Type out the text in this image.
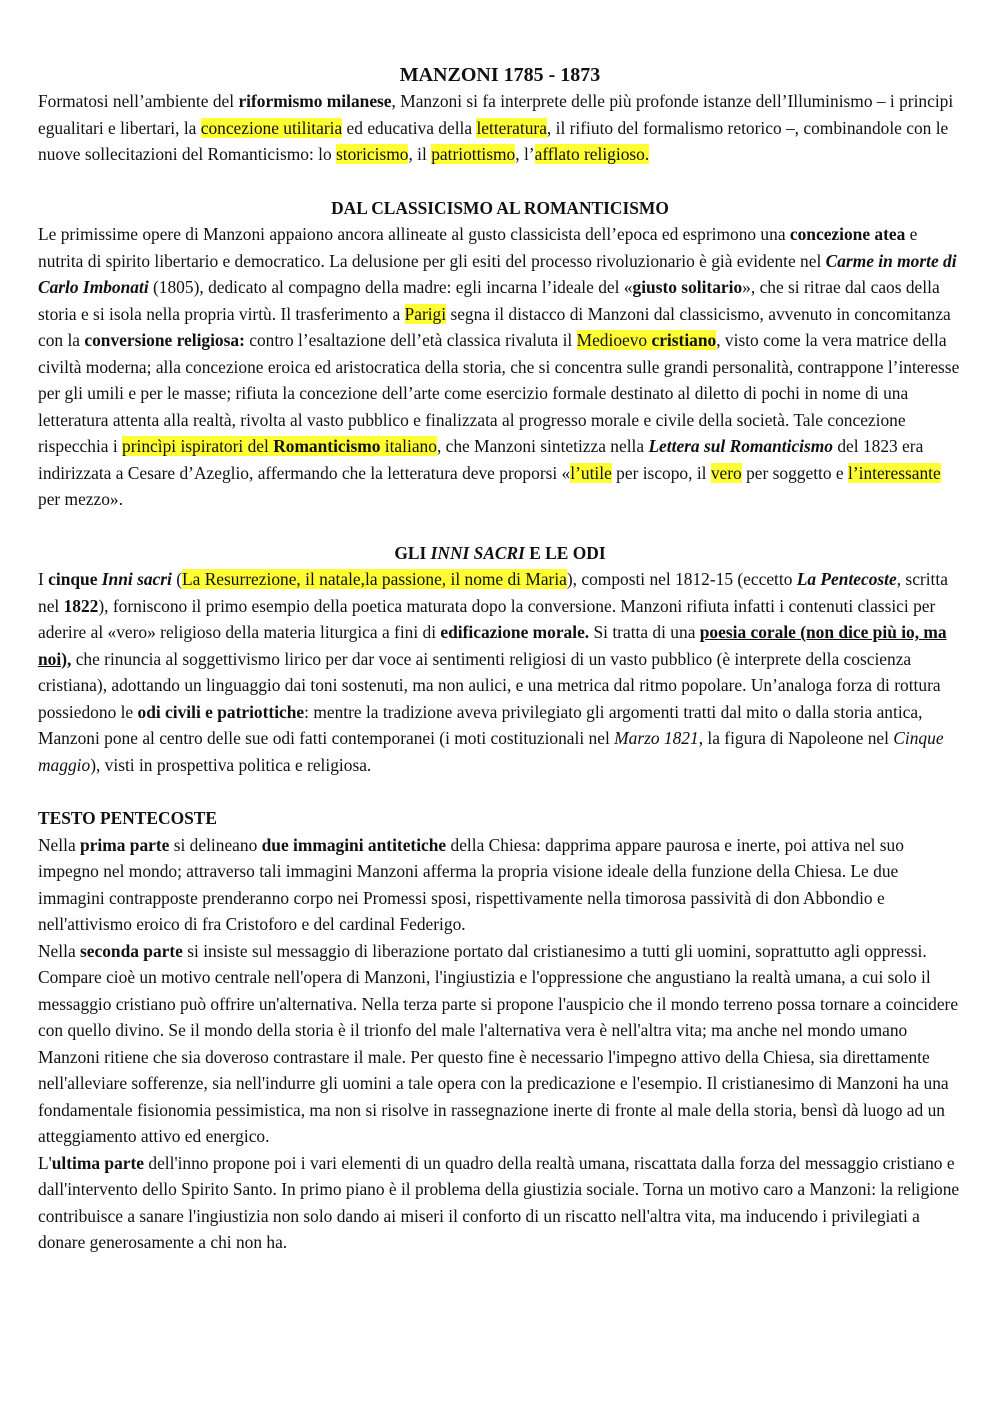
MANZONI 1785 - 1873

Formatosi nell’ambiente del riformismo milanese, Manzoni si fa interprete delle più profonde istanze dell’Illuminismo – i principi egualitari e libertari, la concezione utilitaria ed educativa della letteratura, il rifiuto del formalismo retorico –, combinandole con le nuove sollecitazioni del Romanticismo: lo storicismo, il patriottismo, l’afflato religioso.

DAL CLASSICISMO AL ROMANTICISMO

Le primissime opere di Manzoni appaiono ancora allineate al gusto classicista dell’epoca ed esprimono una concezione atea e nutrita di spirito libertario e democratico. La delusione per gli esiti del processo rivoluzionario è già evidente nel Carme in morte di Carlo Imbonati (1805), dedicato al compagno della madre: egli incarna l’ideale del «giusto solitario», che si ritrae dal caos della storia e si isola nella propria virtù. Il trasferimento a Parigi segna il distacco di Manzoni dal classicismo, avvenuto in concomitanza con la conversione religiosa: contro l’esaltazione dell’età classica rivaluta il Medioevo cristiano, visto come la vera matrice della civiltà moderna; alla concezione eroica ed aristocratica della storia, che si concentra sulle grandi personalità, contrappone l’interesse per gli umili e per le masse; rifiuta la concezione dell’arte come esercizio formale destinato al diletto di pochi in nome di una letteratura attenta alla realtà, rivolta al vasto pubblico e finalizzata al progresso morale e civile della società. Tale concezione rispecchia i princìpi ispiratori del Romanticismo italiano, che Manzoni sintetizza nella Lettera sul Romanticismo del 1823 era indirizzata a Cesare d’Azeglio, affermando che la letteratura deve proporsi «l’utile per iscopo, il vero per soggetto e l’interessante per mezzo».

GLI INNI SACRI E LE ODI

I cinque Inni sacri (La Resurrezione, il natale,la passione, il nome di Maria), composti nel 1812-15 (eccetto La Pentecoste, scritta nel 1822), forniscono il primo esempio della poetica maturata dopo la conversione. Manzoni rifiuta infatti i contenuti classici per aderire al «vero» religioso della materia liturgica a fini di edificazione morale. Si tratta di una poesia corale (non dice più io, ma noi), che rinuncia al soggettivismo lirico per dar voce ai sentimenti religiosi di un vasto pubblico (è interprete della coscienza cristiana), adottando un linguaggio dai toni sostenuti, ma non aulici, e una metrica dal ritmo popolare. Un’analoga forza di rottura possiedono le odi civili e patriottiche: mentre la tradizione aveva privilegiato gli argomenti tratti dal mito o dalla storia antica, Manzoni pone al centro delle sue odi fatti contemporanei (i moti costituzionali nel Marzo 1821, la figura di Napoleone nel Cinque maggio), visti in prospettiva politica e religiosa.

TESTO PENTECOSTE

Nella prima parte si delineano due immagini antitetiche della Chiesa: dapprima appare paurosa e inerte, poi attiva nel suo impegno nel mondo; attraverso tali immagini Manzoni afferma la propria visione ideale della funzione della Chiesa. Le due immagini contrapposte prenderanno corpo nei Promessi sposi, rispettivamente nella timorosa passività di don Abbondio e nell'attivismo eroico di fra Cristoforo e del cardinal Federigo.

Nella seconda parte si insiste sul messaggio di liberazione portato dal cristianesimo a tutti gli uomini, soprattutto agli oppressi. Compare cioè un motivo centrale nell'opera di Manzoni, l'ingiustizia e l'oppressione che angustiano la realtà umana, a cui solo il messaggio cristiano può offrire un'alternativa. Nella terza parte si propone l'auspicio che il mondo terreno possa tornare a coincidere con quello divino. Se il mondo della storia è il trionfo del male l'alternativa vera è nell'altra vita; ma anche nel mondo umano Manzoni ritiene che sia doveroso contrastare il male. Per questo fine è necessario l'impegno attivo della Chiesa, sia direttamente nell'alleviare sofferenze, sia nell'indurre gli uomini a tale opera con la predicazione e l'esempio. Il cristianesimo di Manzoni ha una fondamentale fisionomia pessimistica, ma non si risolve in rassegnazione inerte di fronte al male della storia, bensì dà luogo ad un atteggiamento attivo ed energico.

L'ultima parte dell'inno propone poi i vari elementi di un quadro della realtà umana, riscattata dalla forza del messaggio cristiano e dall'intervento dello Spirito Santo. In primo piano è il problema della giustizia sociale. Torna un motivo caro a Manzoni: la religione contribuisce a sanare l'ingiustizia non solo dando ai miseri il conforto di un riscatto nell'altra vita, ma inducendo i privilegiati a donare generosamente a chi non ha.
